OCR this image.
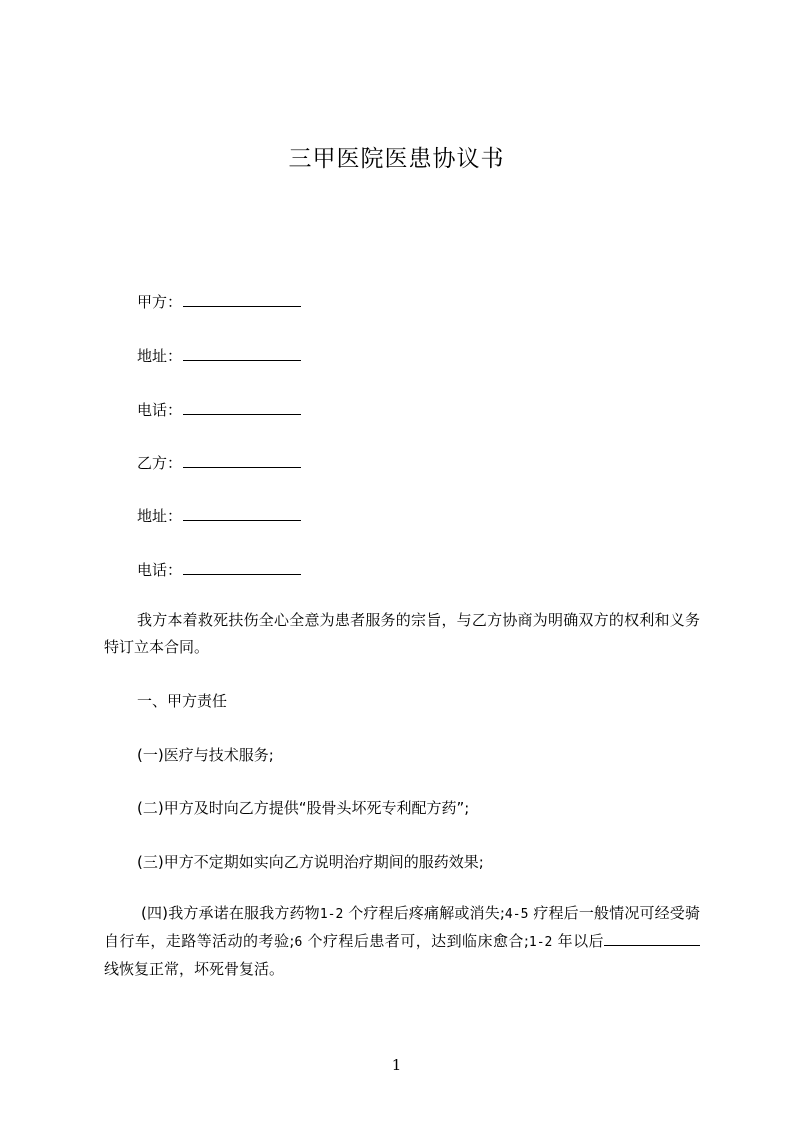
三甲医院医患协议书
甲方：
地址：
电话：
乙方：
地址：
电话：
我方本着救死扶伤全心全意为患者服务的宗旨，与乙方协商为明确双方的权利和义务特订立本合同。
一、甲方责任
(一)医疗与技术服务;
(二)甲方及时向乙方提供“股骨头坏死专利配方药”;
(三)甲方不定期如实向乙方说明治疗期间的服药效果;
(四)我方承诺在服我方药物1-2 个疗程后疼痛解或消失;4-5 疗程后一般情况可经受骑自行车，走路等活动的考验;6 个疗程后患者可，达到临床愈合;1-2 年以后线恢复正常，坏死骨复活。
1
